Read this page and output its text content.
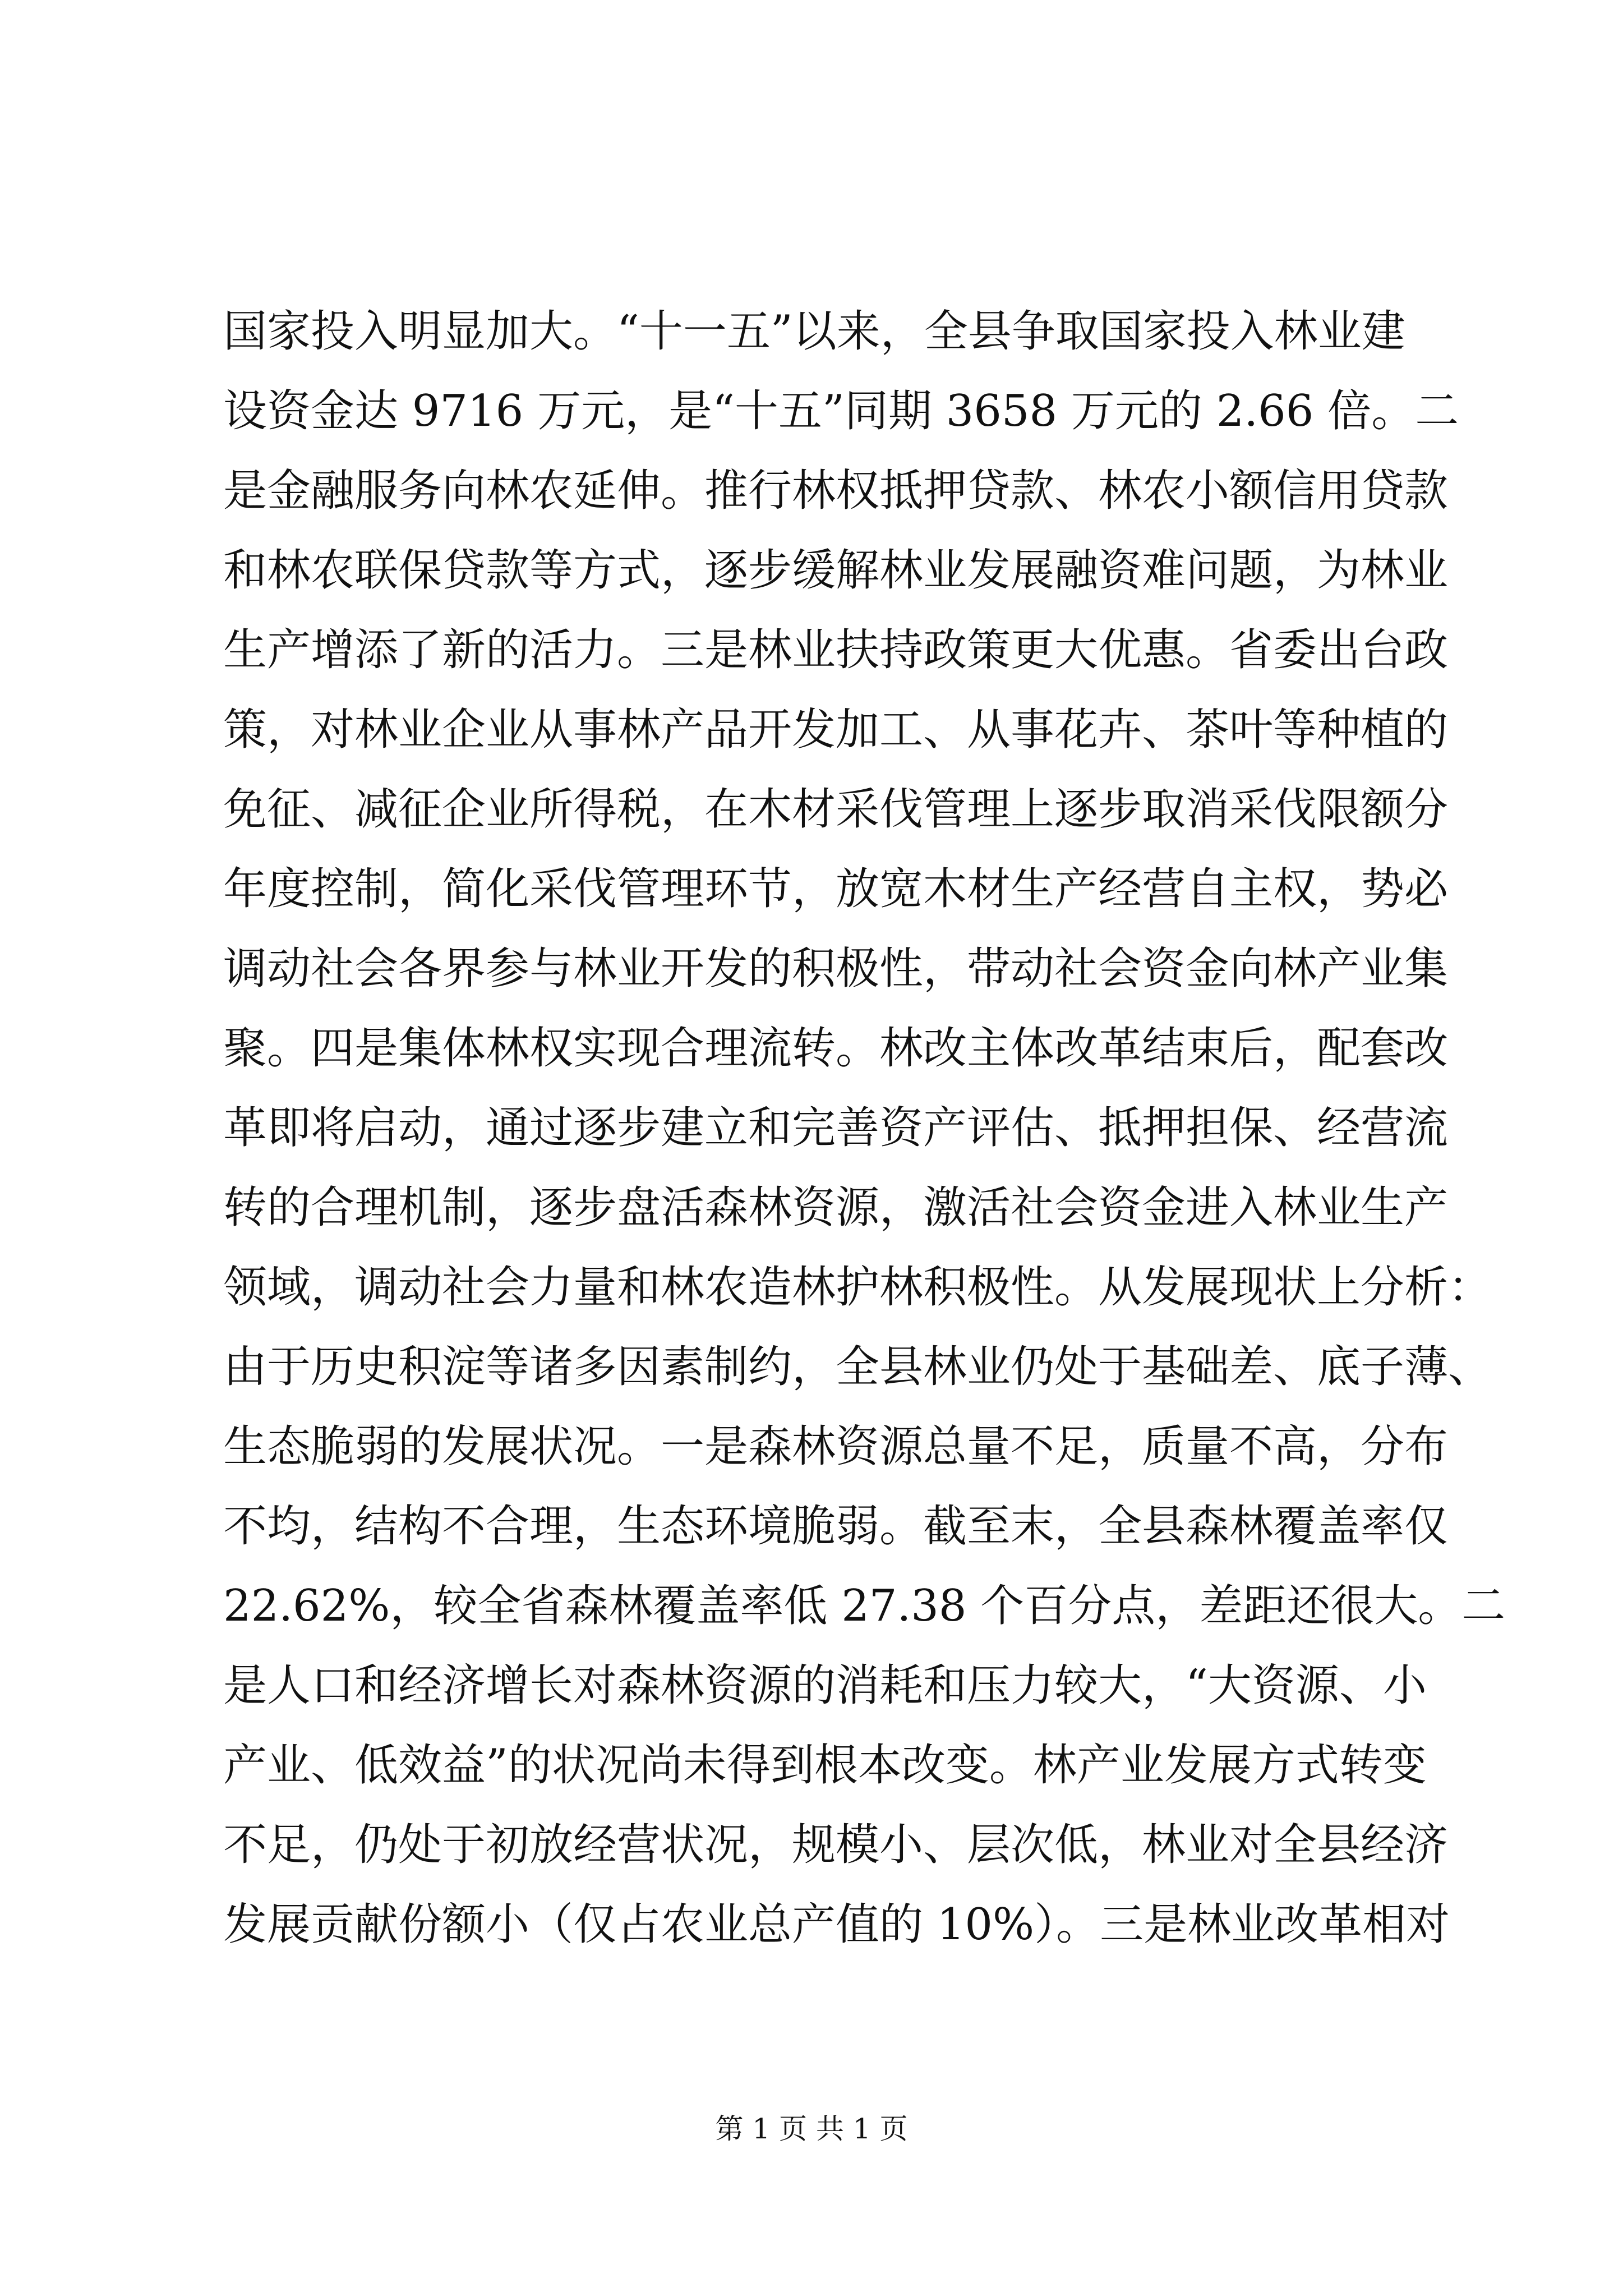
国家投入明显加大。“十一五”以来，全县争取国家投入林业建
设资金达 9716 万元，是“十五”同期 3658 万元的 2.66 倍。二
是金融服务向林农延伸。推行林权抵押贷款、林农小额信用贷款
和林农联保贷款等方式，逐步缓解林业发展融资难问题，为林业
生产增添了新的活力。三是林业扶持政策更大优惠。省委出台政
策，对林业企业从事林产品开发加工、从事花卉、茶叶等种植的
免征、减征企业所得税，在木材采伐管理上逐步取消采伐限额分
年度控制，简化采伐管理环节，放宽木材生产经营自主权，势必
调动社会各界参与林业开发的积极性，带动社会资金向林产业集
聚。四是集体林权实现合理流转。林改主体改革结束后，配套改
革即将启动，通过逐步建立和完善资产评估、抵押担保、经营流
转的合理机制，逐步盘活森林资源，激活社会资金进入林业生产
领域，调动社会力量和林农造林护林积极性。从发展现状上分析：
由于历史积淀等诸多因素制约，全县林业仍处于基础差、底子薄、
生态脆弱的发展状况。一是森林资源总量不足，质量不高，分布
不均，结构不合理，生态环境脆弱。截至末，全县森林覆盖率仅
22.62%，较全省森林覆盖率低 27.38 个百分点，差距还很大。二
是人口和经济增长对森林资源的消耗和压力较大，“大资源、小
产业、低效益”的状况尚未得到根本改变。林产业发展方式转变
不足，仍处于初放经营状况，规模小、层次低，林业对全县经济
发展贡献份额小（仅占农业总产值的 10%）。三是林业改革相对
第 1 页 共 1 页
